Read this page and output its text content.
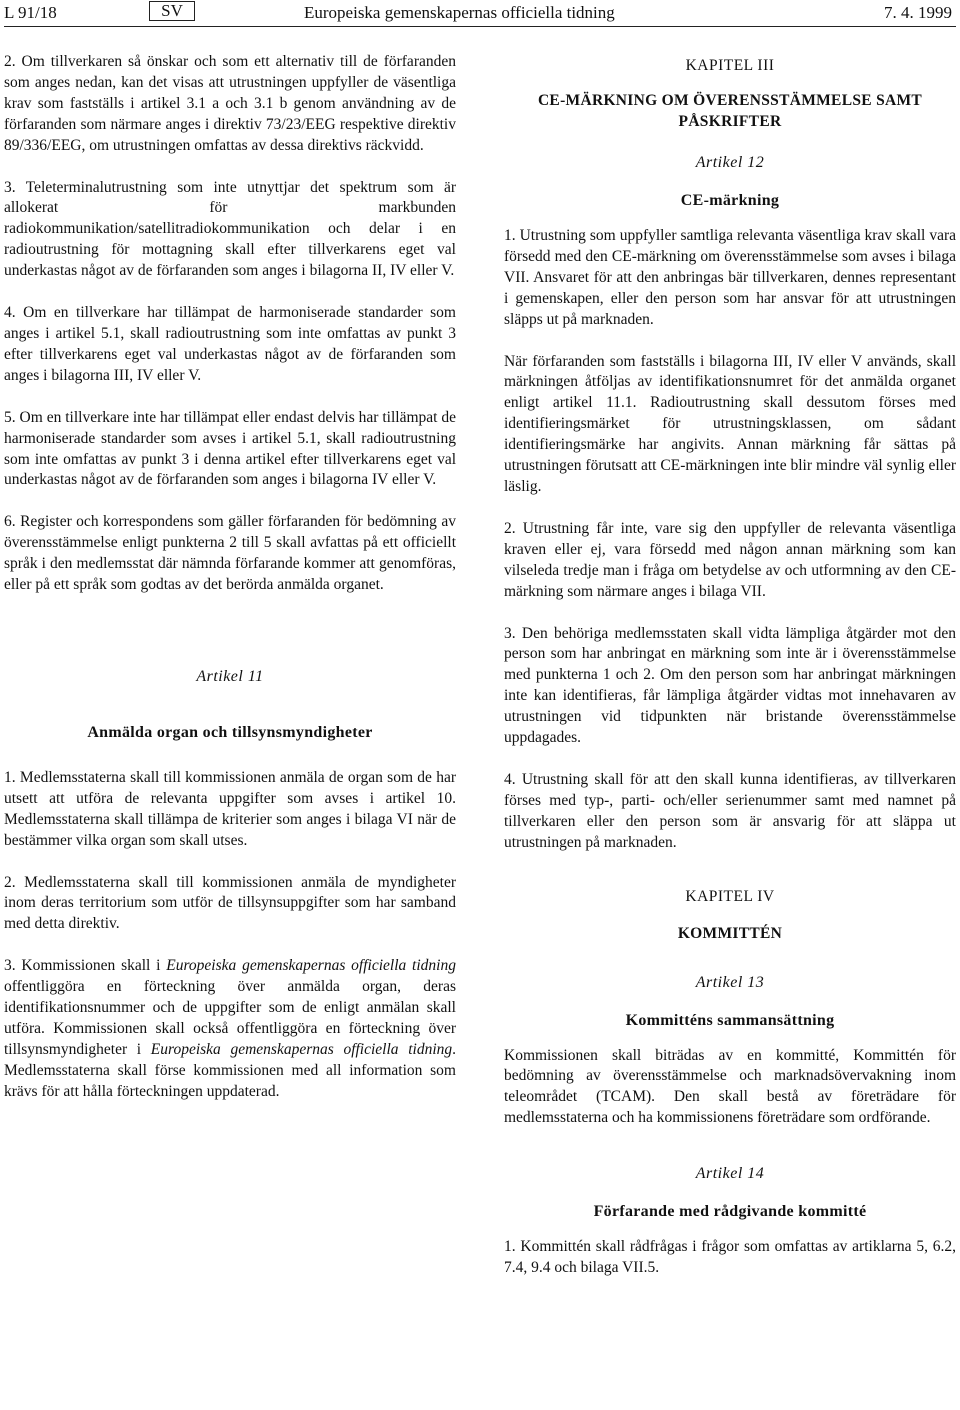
L 91/18	SV	Europeiska gemenskapernas officiella tidning	7. 4. 1999

2. Om tillverkaren så önskar och som ett alternativ till de förfaranden som anges nedan, kan det visas att utrustningen uppfyller de väsentliga krav som fastställs i artikel 3.1 a och 3.1 b genom användning av de förfaranden som närmare anges i direktiv 73/23/EEG respektive direktiv 89/336/EEG, om utrustningen omfattas av dessa direktivs räckvidd.

3. Teleterminalutrustning som inte utnyttjar det spektrum som är allokerat för markbunden radiokommunikation/satellitradiokommunikation och delar i en radioutrustning för mottagning skall efter tillverkarens eget val underkastas något av de förfaranden som anges i bilagorna II, IV eller V.

4. Om en tillverkare har tillämpat de harmoniserade standarder som anges i artikel 5.1, skall radioutrustning som inte omfattas av punkt 3 efter tillverkarens eget val underkastas något av de förfaranden som anges i bilagorna III, IV eller V.

5. Om en tillverkare inte har tillämpat eller endast delvis har tillämpat de harmoniserade standarder som avses i artikel 5.1, skall radioutrustning som inte omfattas av punkt 3 i denna artikel efter tillverkarens eget val underkastas något av de förfaranden som anges i bilagorna IV eller V.

6. Register och korrespondens som gäller förfaranden för bedömning av överensstämmelse enligt punkterna 2 till 5 skall avfattas på ett officiellt språk i den medlemsstat där nämnda förfarande kommer att genomföras, eller på ett språk som godtas av det berörda anmälda organet.

Artikel 11

Anmälda organ och tillsynsmyndigheter

1. Medlemsstaterna skall till kommissionen anmäla de organ som de har utsett att utföra de relevanta uppgifter som avses i artikel 10. Medlemsstaterna skall tillämpa de kriterier som anges i bilaga VI när de bestämmer vilka organ som skall utses.

2. Medlemsstaterna skall till kommissionen anmäla de myndigheter inom deras territorium som utför de tillsynsuppgifter som har samband med detta direktiv.

3. Kommissionen skall i Europeiska gemenskapernas officiella tidning offentliggöra en förteckning över anmälda organ, deras identifikationsnummer och de uppgifter som de enligt anmälan skall utföra. Kommissionen skall också offentliggöra en förteckning över tillsynsmyndigheter i Europeiska gemenskapernas officiella tidning. Medlemsstaterna skall förse kommissionen med all information som krävs för att hålla förteckningen uppdaterad.

KAPITEL III

CE-MÄRKNING OM ÖVERENSSTÄMMELSE SAMT PÅSKRIFTER

Artikel 12

CE-märkning

1. Utrustning som uppfyller samtliga relevanta väsentliga krav skall vara försedd med den CE-märkning om överensstämmelse som avses i bilaga VII. Ansvaret för att den anbringas bär tillverkaren, dennes representant i gemenskapen, eller den person som har ansvar för att utrustningen släpps ut på marknaden.

När förfaranden som fastställs i bilagorna III, IV eller V används, skall märkningen åtföljas av identifikationsnumret för det anmälda organet enligt artikel 11.1. Radioutrustning skall dessutom förses med identifieringsmärket för utrustningsklassen, om sådant identifieringsmärke har angivits. Annan märkning får sättas på utrustningen förutsatt att CE-märkningen inte blir mindre väl synlig eller läslig.

2. Utrustning får inte, vare sig den uppfyller de relevanta väsentliga kraven eller ej, vara försedd med någon annan märkning som kan vilseleda tredje man i fråga om betydelse av och utformning av den CE-märkning som närmare anges i bilaga VII.

3. Den behöriga medlemsstaten skall vidta lämpliga åtgärder mot den person som har anbringat en märkning som inte är i överensstämmelse med punkterna 1 och 2. Om den person som har anbringat märkningen inte kan identifieras, får lämpliga åtgärder vidtas mot innehavaren av utrustningen vid tidpunkten när bristande överensstämmelse uppdagades.

4. Utrustning skall för att den skall kunna identifieras, av tillverkaren förses med typ-, parti- och/eller serienummer samt med namnet på tillverkaren eller den person som är ansvarig för att släppa ut utrustningen på marknaden.

KAPITEL IV

KOMMITTÉN

Artikel 13

Kommitténs sammansättning

Kommissionen skall biträdas av en kommitté, Kommittén för bedömning av överensstämmelse och marknadsövervakning inom teleområdet (TCAM). Den skall bestå av företrädare för medlemsstaterna och ha kommissionens företrädare som ordförande.

Artikel 14

Förfarande med rådgivande kommitté

1. Kommittén skall rådfrågas i frågor som omfattas av artiklarna 5, 6.2, 7.4, 9.4 och bilaga VII.5.
